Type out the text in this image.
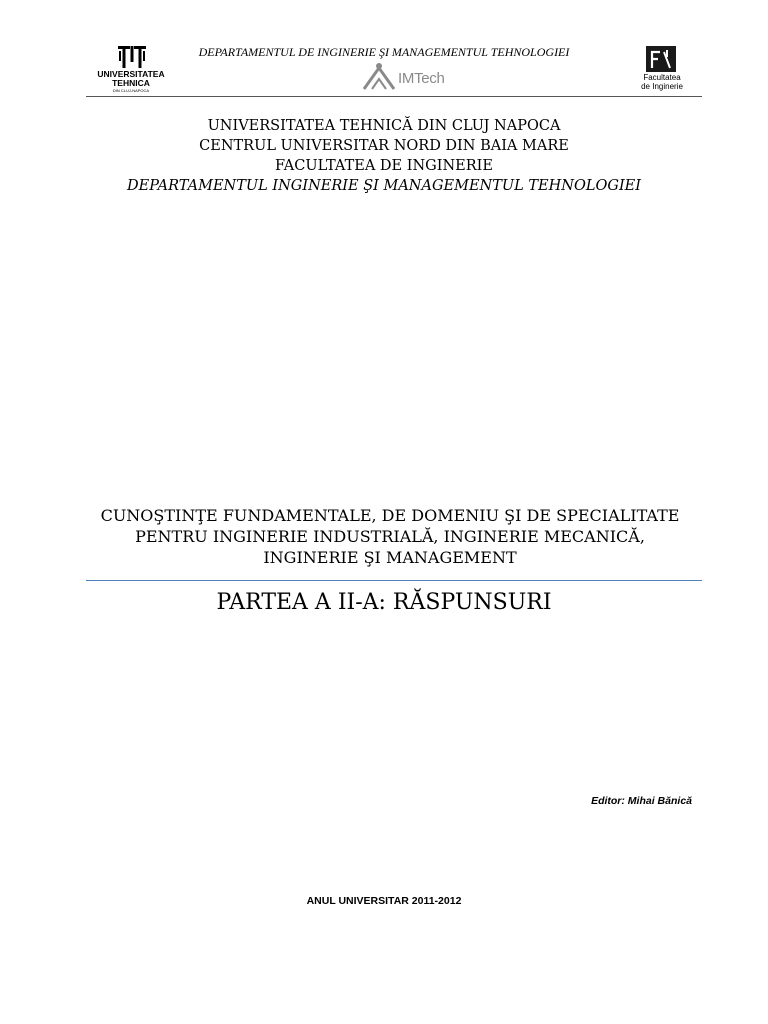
DEPARTAMENTUL DE INGINERIE ŞI MANAGEMENTUL TEHNOLOGIEI
UNIVERSITATEA TEHNICA
DIN CLUJ-NAPOCA
IMTech	Facultatea
de Inginerie
UNIVERSITATEA TEHNICĂ DIN CLUJ NAPOCA
CENTRUL UNIVERSITAR NORD DIN BAIA MARE
FACULTATEA DE INGINERIE
DEPARTAMENTUL INGINERIE ŞI MANAGEMENTUL TEHNOLOGIEI
CUNOŞTINŢE FUNDAMENTALE, DE DOMENIU ŞI DE SPECIALITATE
PENTRU INGINERIE INDUSTRIALĂ, INGINERIE MECANICĂ,
INGINERIE ŞI MANAGEMENT
PARTEA A II-A: RĂSPUNSURI
Editor: Mihai Bănică
ANUL UNIVERSITAR 2011-2012
